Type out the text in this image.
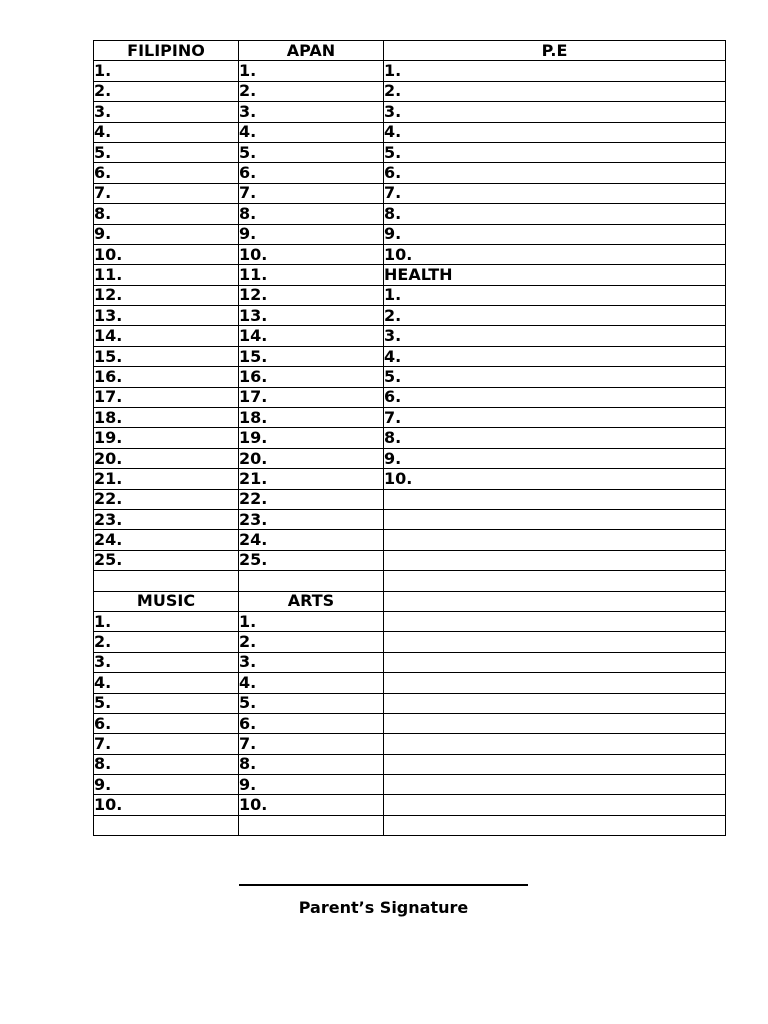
FILIPINO	APAN	P.E
1.	1.	1.
2.	2.	2.
3.	3.	3.
4.	4.	4.
5.	5.	5.
6.	6.	6.
7.	7.	7.
8.	8.	8.
9.	9.	9.
10.	10.	10.
11.	11.	HEALTH
12.	12.	1.
13.	13.	2.
14.	14.	3.
15.	15.	4.
16.	16.	5.
17.	17.	6.
18.	18.	7.
19.	19.	8.
20.	20.	9.
21.	21.	10.
22.	22.	
23.	23.	
24.	24.	
25.	25.	

MUSIC	ARTS	
1.	1.	
2.	2.	
3.	3.	
4.	4.	
5.	5.	
6.	6.	
7.	7.	
8.	8.	
9.	9.	
10.	10.	

Parent’s Signature
